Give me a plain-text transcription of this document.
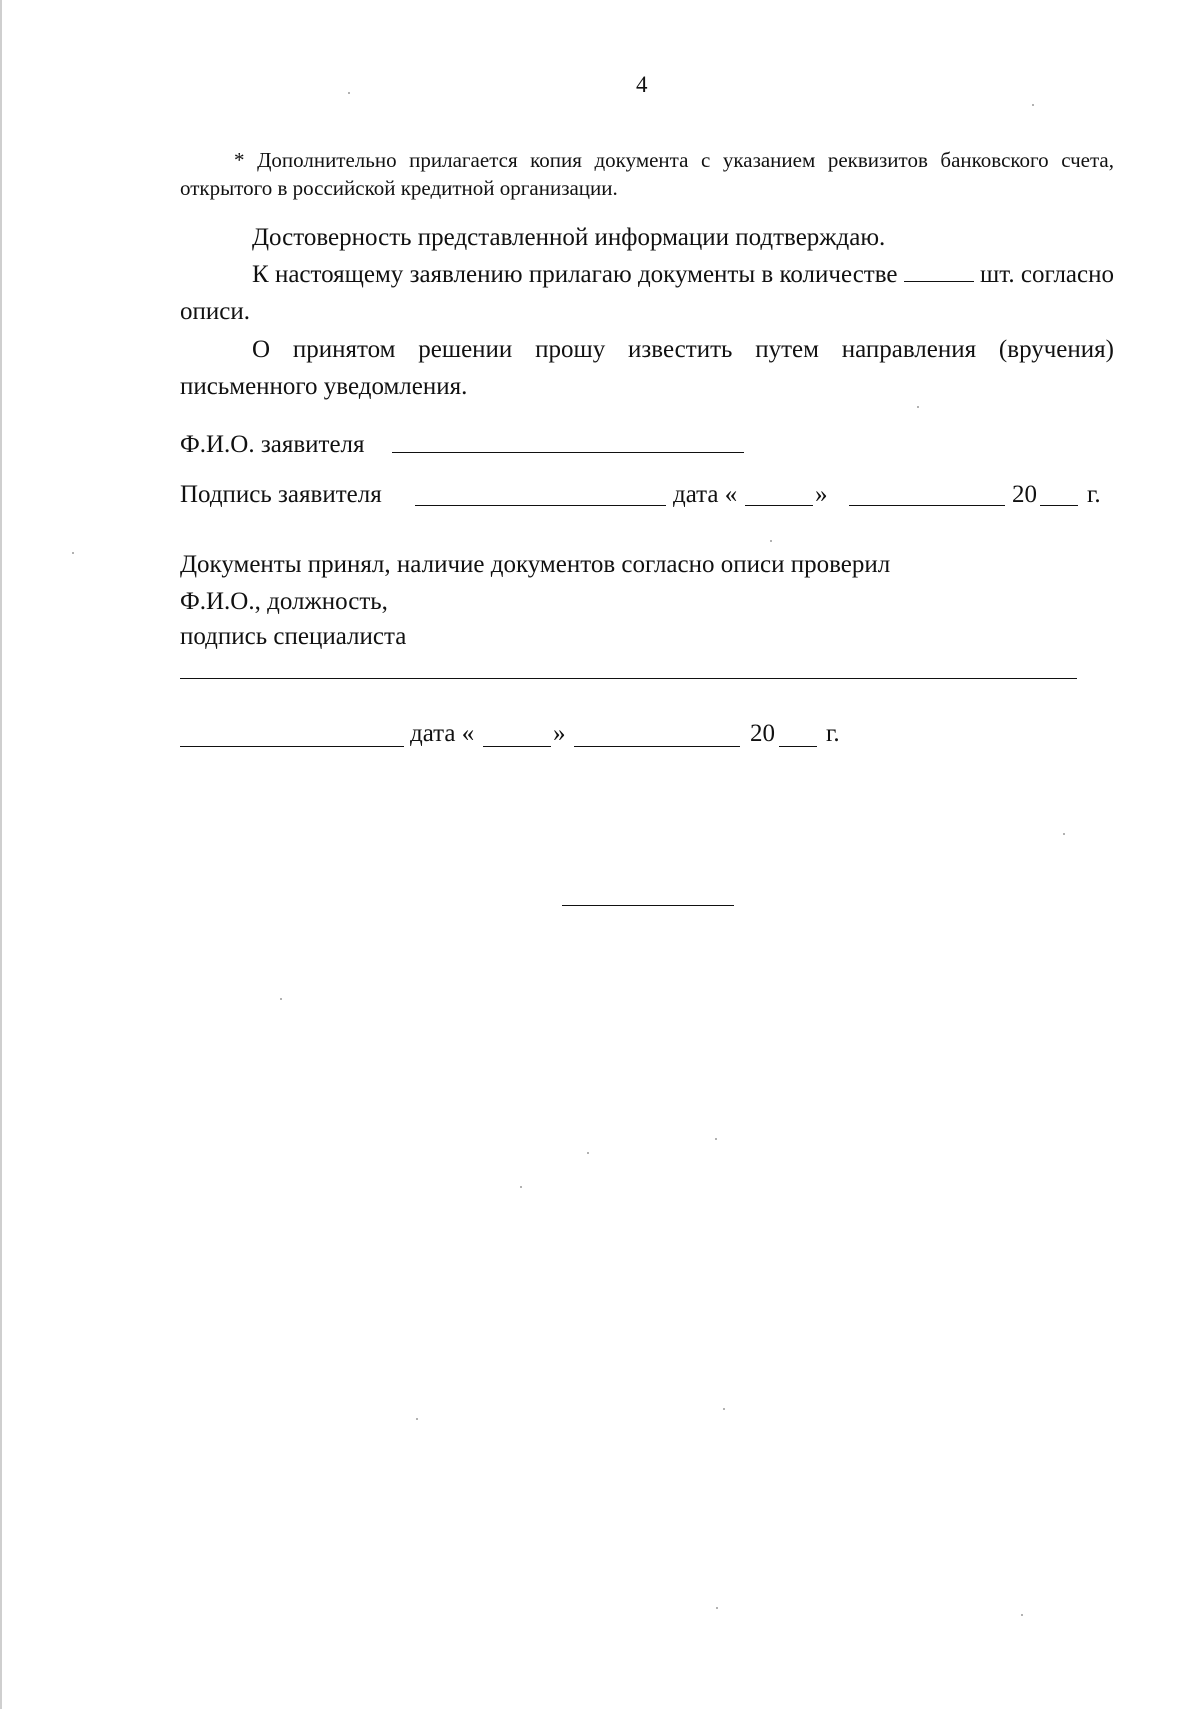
4

* Дополнительно прилагается копия документа с указанием реквизитов банковского счета, открытого в российской кредитной организации.

Достоверность представленной информации подтверждаю.

К настоящему заявлению прилагаю документы в количестве	шт. согласно описи.

О принятом решении прошу известить путем направления (вручения) письменного уведомления.

Ф.И.О. заявителя
Подпись заявителя	дата «	»	20 г.
Документы принял, наличие документов согласно описи проверил
Ф.И.О., должность,
подпись специалиста
дата «	»	20 г.
